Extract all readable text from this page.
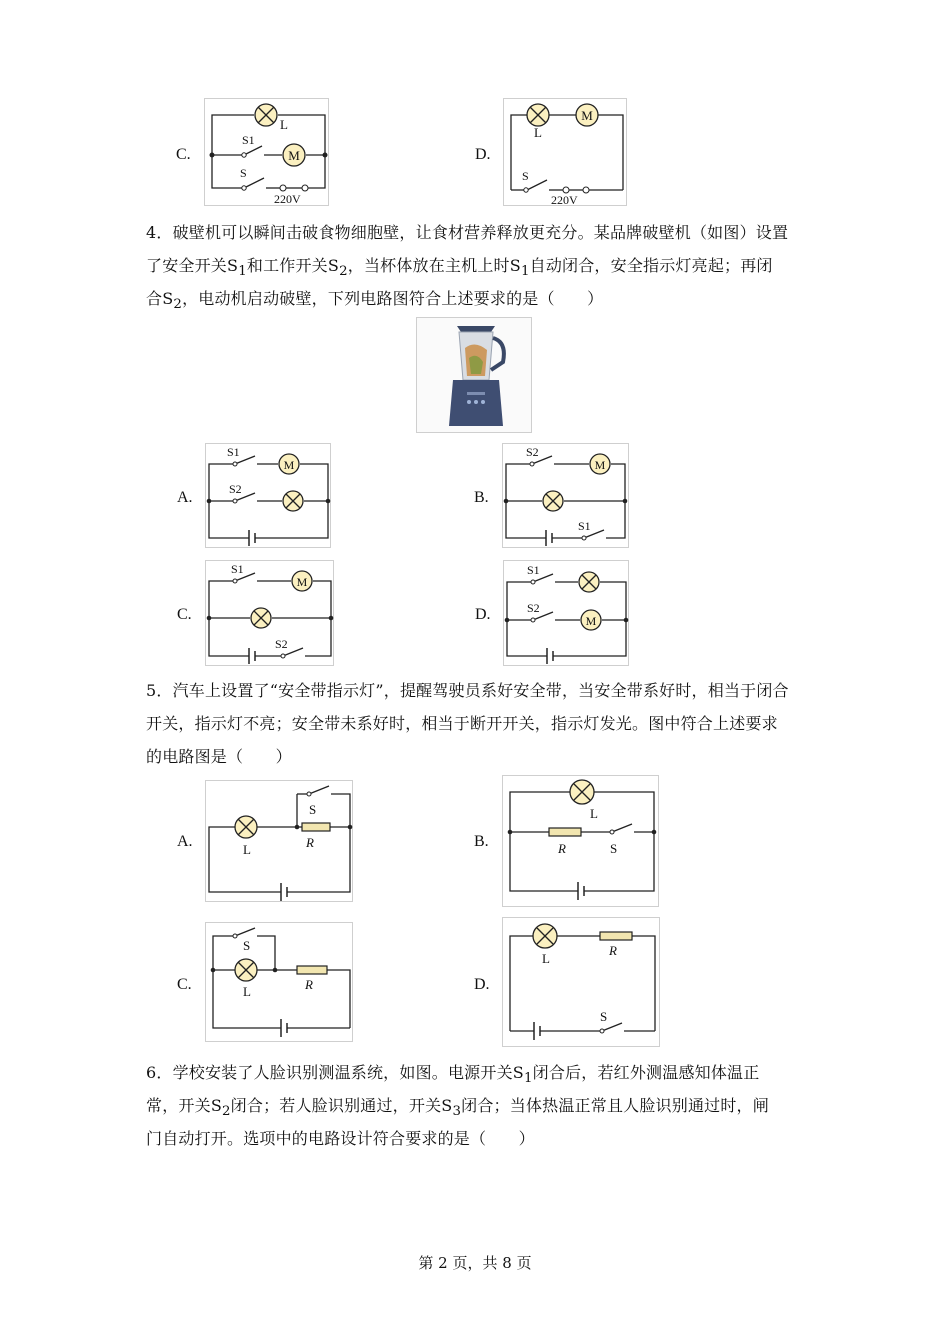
C.	M
L
S1
S
220V
D.
M
L
S
220V
4．破壁机可以瞬间击破食物细胞壁，让食材营养释放更充分。某品牌破壁机（如图）设置
了安全开关$S_1$和工作开关$S_2$，当杯体放在主机上时$S_1$自动闭合，安全指示灯亮起；再闭
合$S_2$，电动机启动破壁，下列电路图符合上述要求的是（　　）
A.
M
S1
S2	B.
M
S2
S1
C.
M
S1
S2
D.	M
S1
S2
5．汽车上设置了“安全带指示灯”，提醒驾驶员系好安全带，当安全带系好时，相当于闭合
开关，指示灯不亮；安全带未系好时，相当于断开开关，指示灯发光。图中符合上述要求
的电路图是（　　）
A.
S
L	R	B.
L
R	S
C.
S
L	R	D.
L
R
S
6．学校安装了人脸识别测温系统，如图。电源开关$S_1$闭合后，若红外测温感知体温正
常，开关$S_2$闭合；若人脸识别通过，开关$S_3$闭合；当体热温正常且人脸识别通过时，闸
门自动打开。选项中的电路设计符合要求的是（　　）
第 2 页，共 8 页
